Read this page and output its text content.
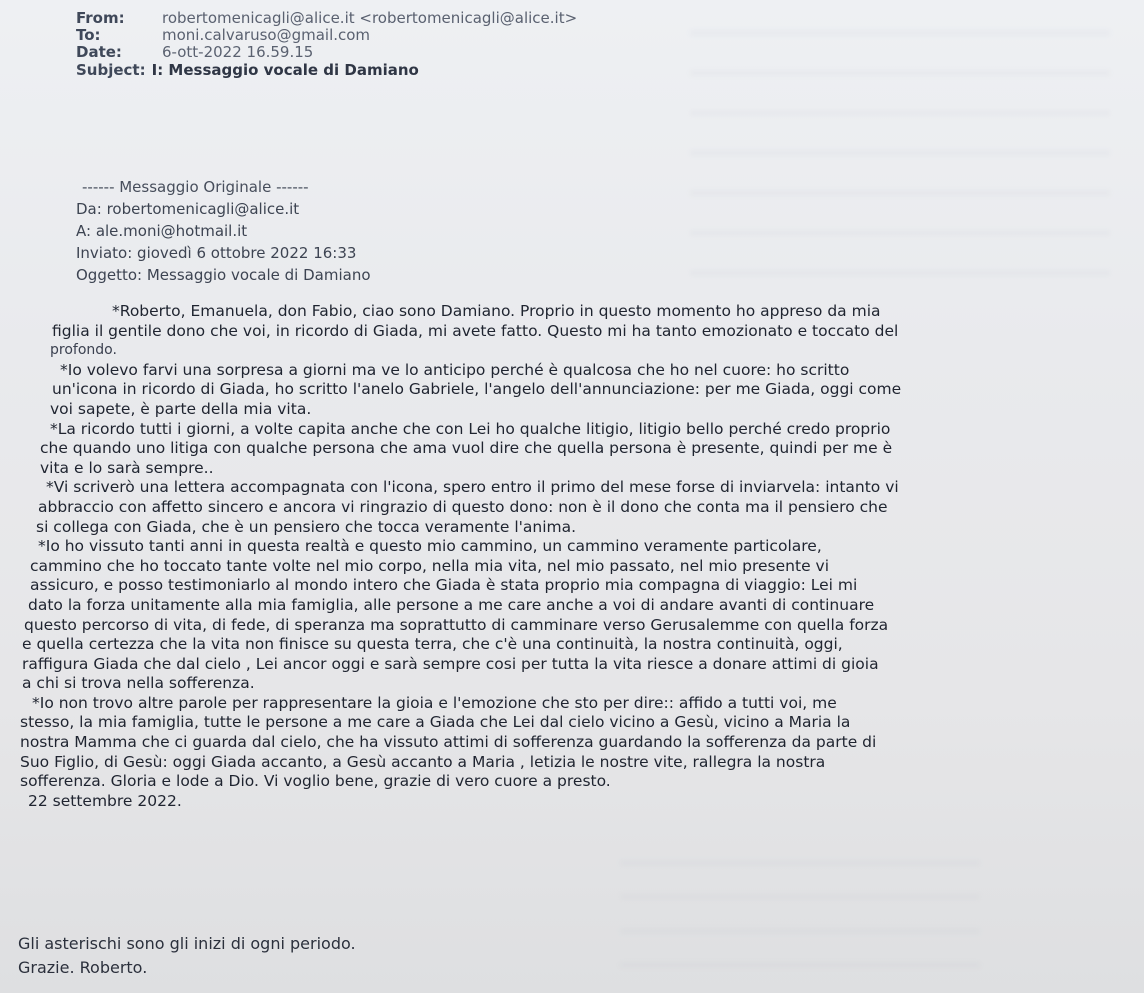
From:	robertomenicagli@alice.it <robertomenicagli@alice.it>
To:	moni.calvaruso@gmail.com
Date:	6-ott-2022 16.59.15
Subject: I: Messaggio vocale di Damiano
------ Messaggio Originale ------
Da: robertomenicagli@alice.it
A: ale.moni@hotmail.it
Inviato: giovedì 6 ottobre 2022 16:33
Oggetto: Messaggio vocale di Damiano
*Roberto, Emanuela, don Fabio, ciao sono Damiano. Proprio in questo momento ho appreso da mia
figlia il gentile dono che voi, in ricordo di Giada, mi avete fatto. Questo mi ha tanto emozionato e toccato del
profondo.
*Io volevo farvi una sorpresa a giorni ma ve lo anticipo perché è qualcosa che ho nel cuore: ho scritto
un'icona in ricordo di Giada, ho scritto l'anelo Gabriele, l'angelo dell'annunciazione: per me Giada, oggi come
voi sapete, è parte della mia vita.
*La ricordo tutti i giorni, a volte capita anche che con Lei ho qualche litigio, litigio bello perché credo proprio
che quando uno litiga con qualche persona che ama vuol dire che quella persona è presente, quindi per me è
vita e lo sarà sempre..
*Vi scriverò una lettera accompagnata con l'icona, spero entro il primo del mese forse di inviarvela: intanto vi
abbraccio con affetto sincero e ancora vi ringrazio di questo dono: non è il dono che conta ma il pensiero che
si collega con Giada, che è un pensiero che tocca veramente l'anima.
*Io ho vissuto tanti anni in questa realtà e questo mio cammino, un cammino veramente particolare,
cammino che ho toccato tante volte nel mio corpo, nella mia vita, nel mio passato, nel mio presente vi
assicuro, e posso testimoniarlo al mondo intero che Giada è stata proprio mia compagna di viaggio: Lei mi
dato la forza unitamente alla mia famiglia, alle persone a me care anche a voi di andare avanti di continuare
questo percorso di vita, di fede, di speranza ma soprattutto di camminare verso Gerusalemme con quella forza
e quella certezza che la vita non finisce su questa terra, che c'è una continuità, la nostra continuità, oggi,
raffigura Giada che dal cielo , Lei ancor oggi e sarà sempre cosi per tutta la vita riesce a donare attimi di gioia
a chi si trova nella sofferenza.
*Io non trovo altre parole per rappresentare la gioia e l'emozione che sto per dire:: affido a tutti voi, me
stesso, la mia famiglia, tutte le persone a me care a Giada che Lei dal cielo vicino a Gesù, vicino a Maria la
nostra Mamma che ci guarda dal cielo, che ha vissuto attimi di sofferenza guardando la sofferenza da parte di
Suo Figlio, di Gesù: oggi Giada accanto, a Gesù accanto a Maria , letizia le nostre vite, rallegra la nostra
sofferenza. Gloria e lode a Dio. Vi voglio bene, grazie di vero cuore a presto.
22 settembre 2022.
Gli asterischi sono gli inizi di ogni periodo.
Grazie. Roberto.
